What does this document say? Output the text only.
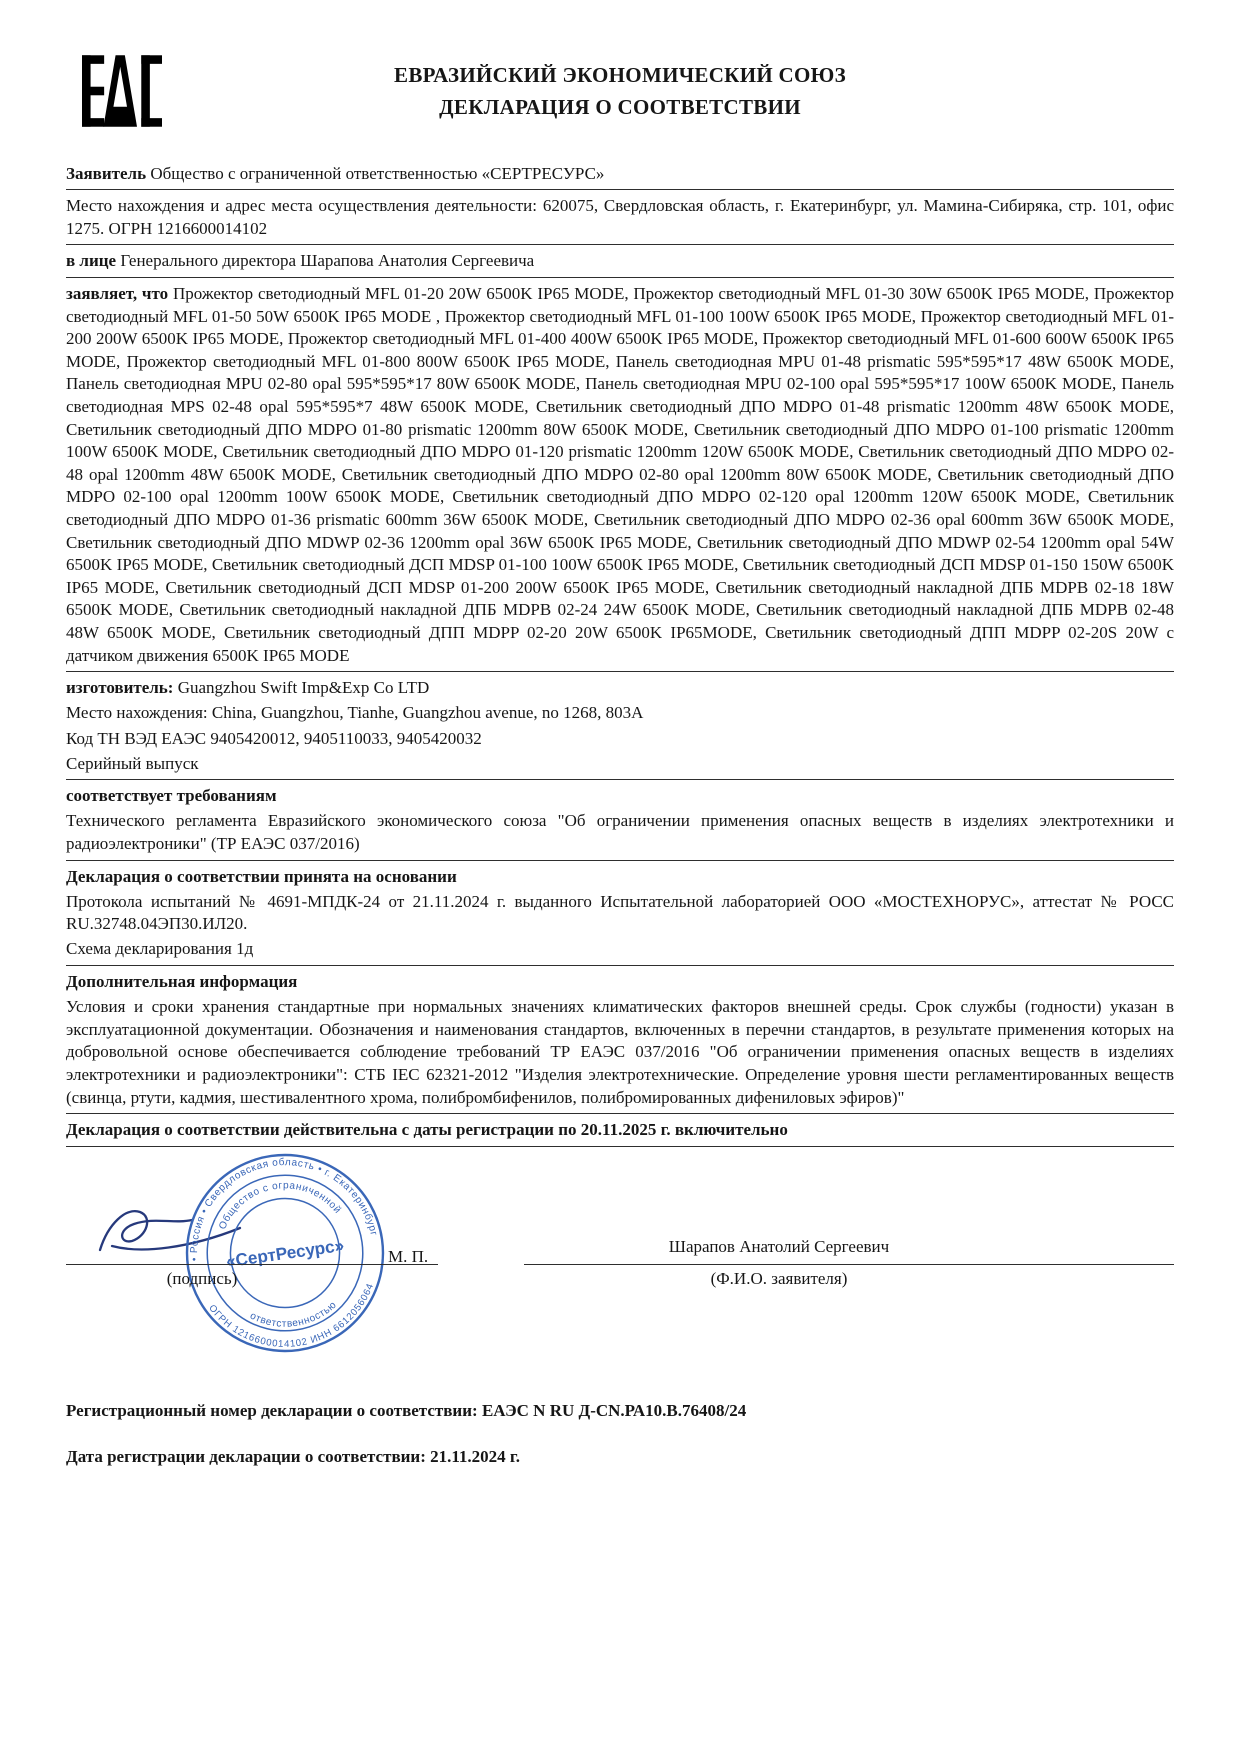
ЕВРАЗИЙСКИЙ ЭКОНОМИЧЕСКИЙ СОЮЗ
ДЕКЛАРАЦИЯ О СООТВЕТСТВИИ

Заявитель Общество с ограниченной ответственностью «СЕРТРЕСУРС»

Место нахождения и адрес места осуществления деятельности: 620075, Свердловская область, г. Екатеринбург, ул. Мамина-Сибиряка, стр. 101, офис 1275. ОГРН 1216600014102

в лице Генерального директора Шарапова Анатолия Сергеевича

заявляет, что Прожектор светодиодный MFL 01-20 20W 6500K IP65 MODE, Прожектор светодиодный MFL 01-30 30W 6500K IP65 MODE, Прожектор светодиодный MFL 01-50 50W 6500K IP65 MODE , Прожектор светодиодный MFL 01-100 100W 6500K IP65 MODE, Прожектор светодиодный MFL 01-200 200W 6500K IP65 MODE, Прожектор светодиодный MFL 01-400 400W 6500K IP65 MODE, Прожектор светодиодный MFL 01-600 600W 6500K IP65 MODE, Прожектор светодиодный MFL 01-800 800W 6500K IP65 MODE, Панель светодиодная MPU 01-48 prismatic 595*595*17 48W 6500K MODE, Панель светодиодная MPU 02-80 opal 595*595*17 80W 6500K MODE, Панель светодиодная MPU 02-100 opal 595*595*17 100W 6500K MODE, Панель светодиодная MPS 02-48 opal 595*595*7 48W 6500K MODE, Светильник светодиодный ДПО MDPO 01-48 prismatic 1200mm 48W 6500K MODE, Светильник светодиодный ДПО MDPO 01-80 prismatic 1200mm 80W 6500K MODE, Светильник светодиодный ДПО MDPO 01-100 prismatic 1200mm 100W 6500K MODE, Светильник светодиодный ДПО MDPO 01-120 prismatic 1200mm 120W 6500K MODE, Светильник светодиодный ДПО MDPO 02-48 opal 1200mm 48W 6500K MODE, Светильник светодиодный ДПО MDPO 02-80 opal 1200mm 80W 6500K MODE, Светильник светодиодный ДПО MDPO 02-100 opal 1200mm 100W 6500K MODE, Светильник светодиодный ДПО MDPO 02-120 opal 1200mm 120W 6500K MODE, Светильник светодиодный ДПО MDPO 01-36 prismatic 600mm 36W 6500K MODE, Светильник светодиодный ДПО MDPO 02-36 opal 600mm 36W 6500K MODE, Светильник светодиодный ДПО MDWP 02-36 1200mm opal 36W 6500K IP65 MODE, Светильник светодиодный ДПО MDWP 02-54 1200mm opal 54W 6500K IP65 MODE, Светильник светодиодный ДСП MDSP 01-100 100W 6500K IP65 MODE, Светильник светодиодный ДСП MDSP 01-150 150W 6500K IP65 MODE, Светильник светодиодный ДСП MDSP 01-200 200W 6500K IP65 MODE, Светильник светодиодный накладной ДПБ MDPB 02-18 18W 6500K MODE, Светильник светодиодный накладной ДПБ MDPB 02-24 24W 6500K MODE, Светильник светодиодный накладной ДПБ MDPB 02-48 48W 6500K MODE, Светильник светодиодный ДПП MDPP 02-20 20W 6500K IP65MODE, Светильник светодиодный ДПП MDPP 02-20S 20W с датчиком движения 6500K IP65 MODE

изготовитель: Guangzhou Swift Imp&Exp Co LTD

Место нахождения: China, Guangzhou, Tianhe, Guangzhou avenue, no 1268, 803A

Код ТН ВЭД ЕАЭС 9405420012, 9405110033, 9405420032

Серийный выпуск

соответствует требованиям

Технического регламента Евразийского экономического союза "Об ограничении применения опасных веществ в изделиях электротехники и радиоэлектроники" (ТР ЕАЭС 037/2016)

Декларация о соответствии принята на основании

Протокола испытаний № 4691-МПДК-24 от 21.11.2024 г. выданного Испытательной лабораторией ООО «МОСТЕХНОРУС», аттестат № РОСС RU.32748.04ЭП30.ИЛ20.

Схема декларирования 1д

Дополнительная информация

Условия и сроки хранения стандартные при нормальных значениях климатических факторов внешней среды. Срок службы (годности) указан в эксплуатационной документации. Обозначения и наименования стандартов, включенных в перечни стандартов, в результате применения которых на добровольной основе обеспечивается соблюдение требований ТР ЕАЭС 037/2016 "Об ограничении применения опасных веществ в изделиях электротехники и радиоэлектроники": СТБ IEC 62321-2012 "Изделия электротехнические. Определение уровня шести регламентированных веществ (свинца, ртути, кадмия, шестивалентного хрома, полибромбифенилов, полибромированных дифениловых эфиров)"

Декларация о соответствии действительна с даты регистрации по 20.11.2025 г. включительно

• Россия • Свердловская область • г. Екатеринбург
ОГРН 1216600014102 ИНН 6612056064
Общество с ограниченной
ответственностью
«СертРесурс»	М. П.
(подпись)
Шарапов Анатолий Сергеевич
(Ф.И.О. заявителя)

Регистрационный номер декларации о соответствии: ЕАЭС N RU Д-CN.РА10.В.76408/24

Дата регистрации декларации о соответствии: 21.11.2024 г.
